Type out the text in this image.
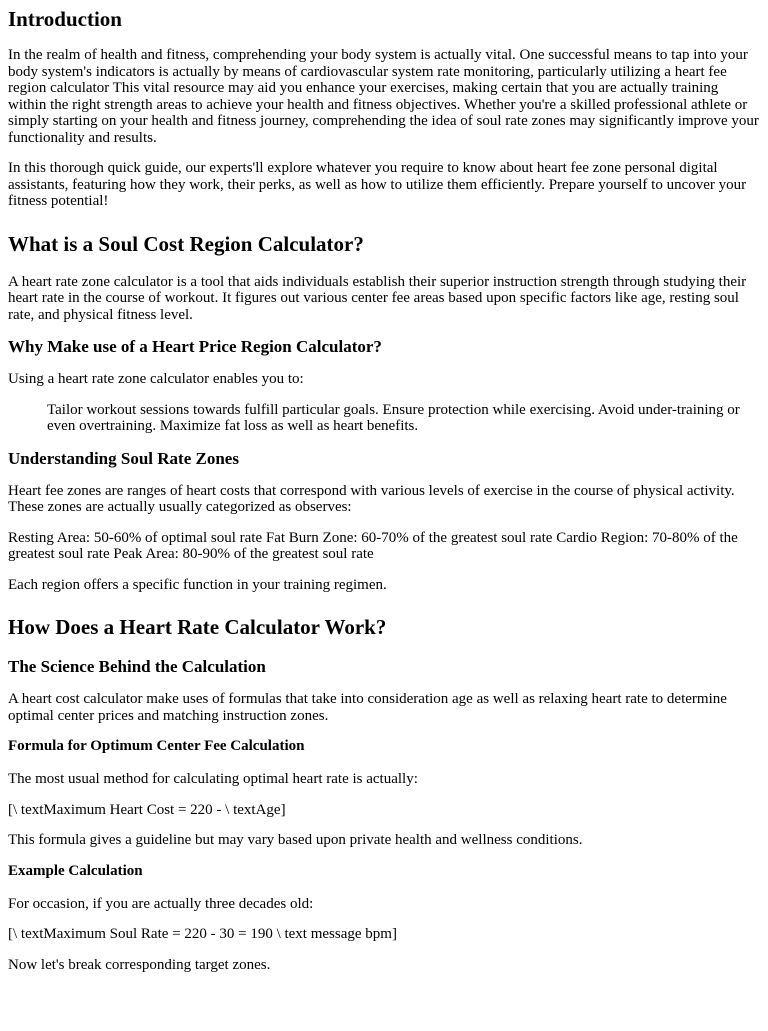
Introduction

In the realm of health and fitness, comprehending your body system is actually vital. One successful means to tap into your body system's indicators is actually by means of cardiovascular system rate monitoring, particularly utilizing a heart fee region calculator This vital resource may aid you enhance your exercises, making certain that you are actually training within the right strength areas to achieve your health and fitness objectives. Whether you're a skilled professional athlete or simply starting on your health and fitness journey, comprehending the idea of soul rate zones may significantly improve your functionality and results.

In this thorough quick guide, our experts'll explore whatever you require to know about heart fee zone personal digital assistants, featuring how they work, their perks, as well as how to utilize them efficiently. Prepare yourself to uncover your fitness potential!

What is a Soul Cost Region Calculator?

A heart rate zone calculator is a tool that aids individuals establish their superior instruction strength through studying their heart rate in the course of workout. It figures out various center fee areas based upon specific factors like age, resting soul rate, and physical fitness level.

Why Make use of a Heart Price Region Calculator?

Using a heart rate zone calculator enables you to:

Tailor workout sessions towards fulfill particular goals. Ensure protection while exercising. Avoid under-training or even overtraining. Maximize fat loss as well as heart benefits.
Understanding Soul Rate Zones

Heart fee zones are ranges of heart costs that correspond with various levels of exercise in the course of physical activity. These zones are actually usually categorized as observes:

Resting Area: 50-60% of optimal soul rate Fat Burn Zone: 60-70% of the greatest soul rate Cardio Region: 70-80% of the greatest soul rate Peak Area: 80-90% of the greatest soul rate

Each region offers a specific function in your training regimen.

How Does a Heart Rate Calculator Work?
The Science Behind the Calculation

A heart cost calculator make uses of formulas that take into consideration age as well as relaxing heart rate to determine optimal center prices and matching instruction zones.

Formula for Optimum Center Fee Calculation

The most usual method for calculating optimal heart rate is actually:

[\ textMaximum Heart Cost = 220 - \ textAge]

This formula gives a guideline but may vary based upon private health and wellness conditions.

Example Calculation

For occasion, if you are actually three decades old:

[\ textMaximum Soul Rate = 220 - 30 = 190 \ text message bpm]

Now let's break corresponding target zones.
